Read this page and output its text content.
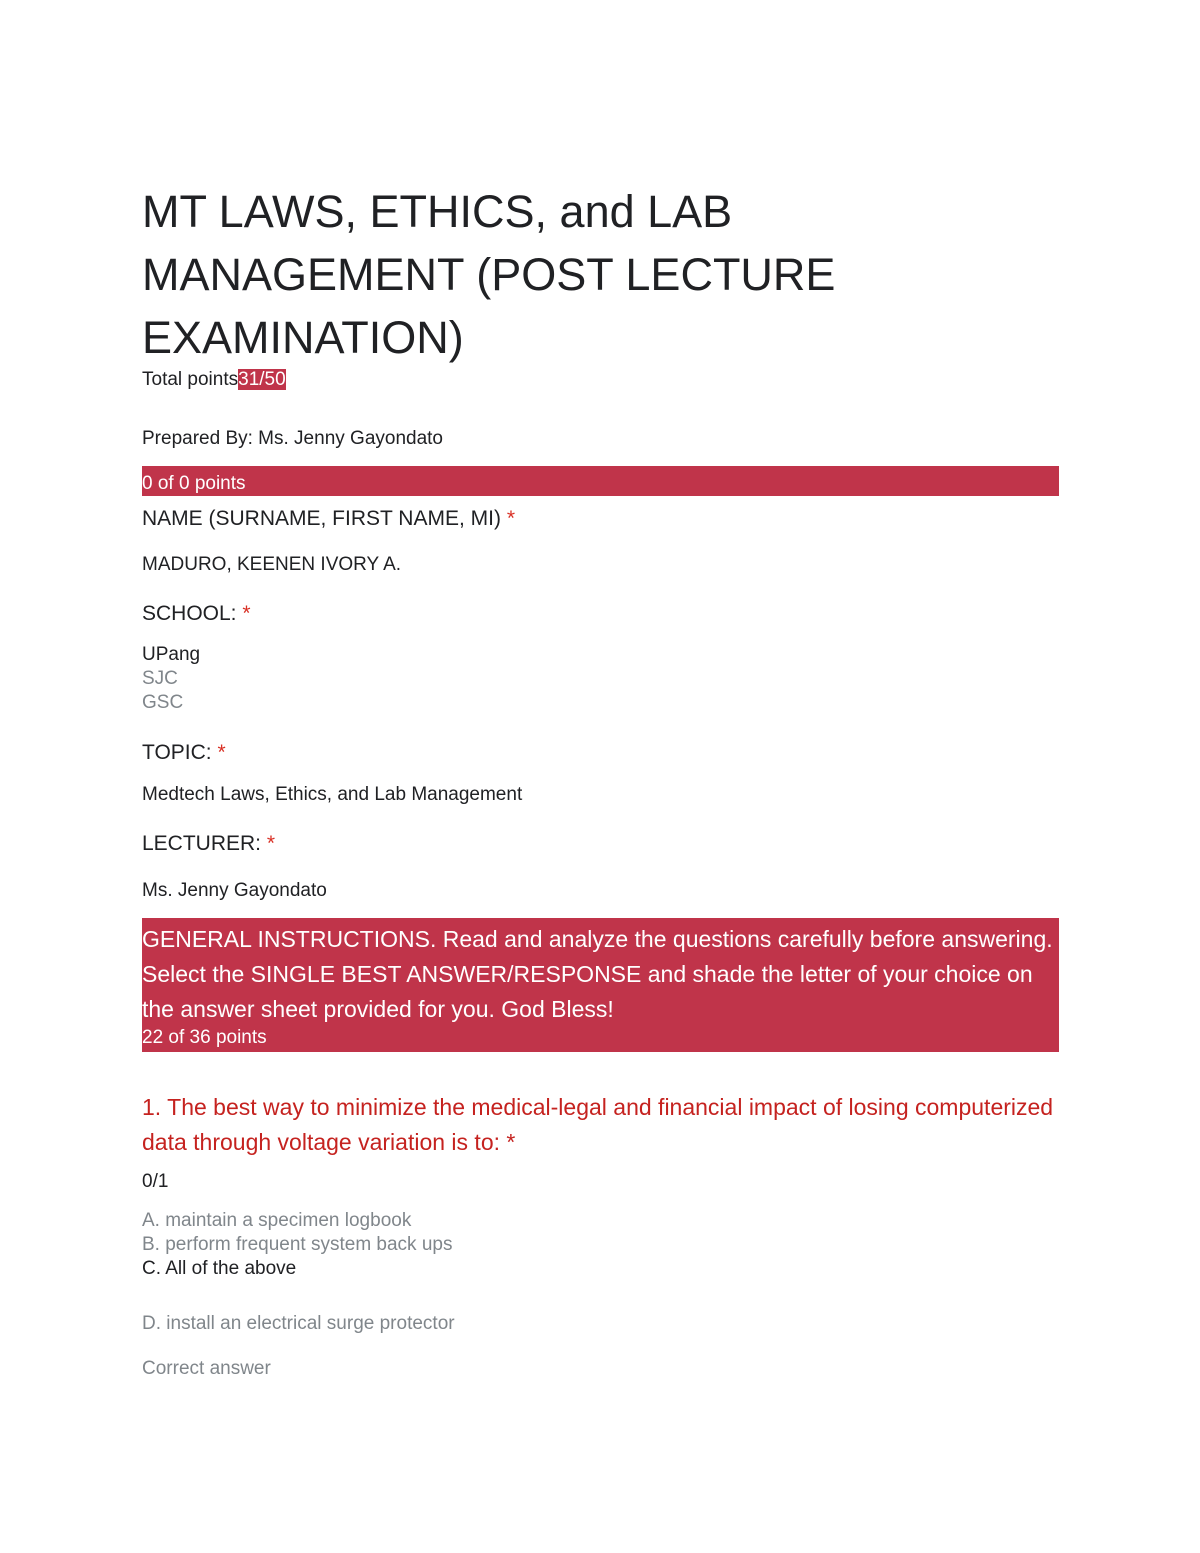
MT LAWS, ETHICS, and LAB MANAGEMENT (POST LECTURE EXAMINATION)
Total points31/50
Prepared By: Ms. Jenny Gayondato
0 of 0 points
NAME (SURNAME, FIRST NAME, MI) *
MADURO, KEENEN IVORY A.
SCHOOL: *
UPang
SJC
GSC
TOPIC: *
Medtech Laws, Ethics, and Lab Management
LECTURER: *
Ms. Jenny Gayondato
GENERAL INSTRUCTIONS. Read and analyze the questions carefully before answering. Select the SINGLE BEST ANSWER/RESPONSE and shade the letter of your choice on the answer sheet provided for you. God Bless!
22 of 36 points
1. The best way to minimize the medical-legal and financial impact of losing computerized data through voltage variation is to: *
0/1
A. maintain a specimen logbook
B. perform frequent system back ups
C. All of the above
D. install an electrical surge protector
Correct answer
